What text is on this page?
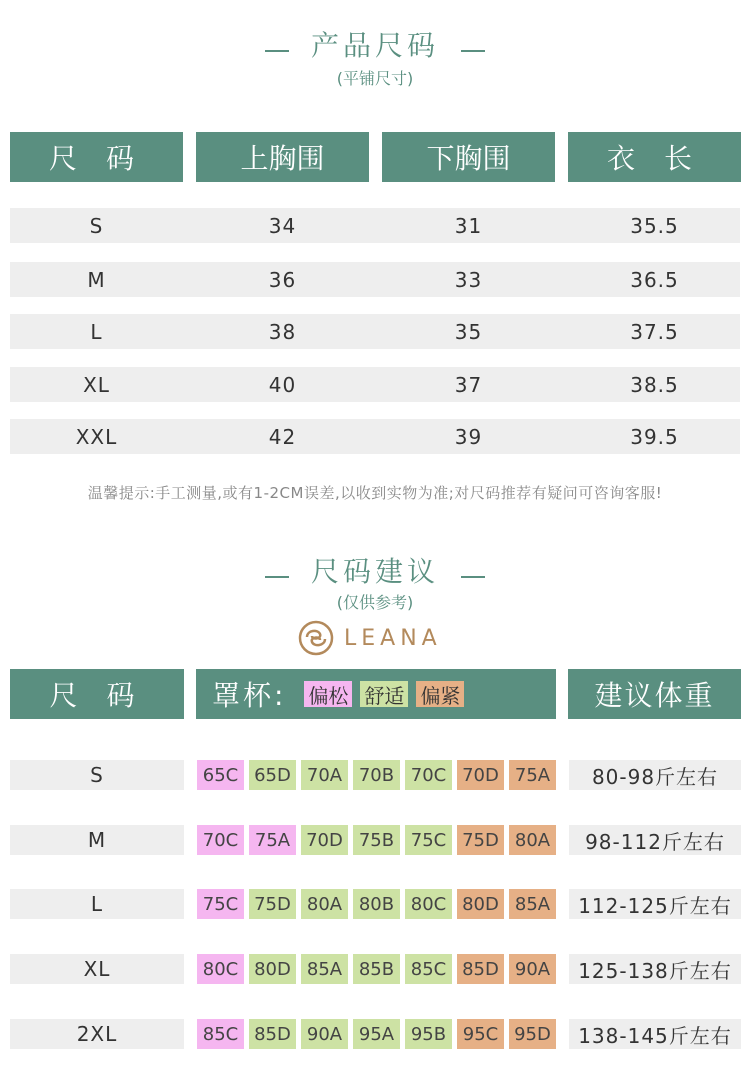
产品尺码
(平铺尺寸)
尺 码	上胸围	下胸围	衣 长
S	34	31	35.5
M	36	33	36.5
L	38	35	37.5
XL	40	37	38.5
XXL	42	39	39.5
温馨提示:手工测量,或有1-2CM误差,以收到实物为准;对尺码推荐有疑问可咨询客服!
尺码建议
(仅供参考)
LEANA
尺 码	罩杯: 偏松 舒适 偏紧	建议体重
S	65C 65D 70A 70B 70C 70D 75A	80-98斤左右
M	70C 75A 70D 75B 75C 75D 80A	98-112斤左右
L	75C 75D 80A 80B 80C 80D 85A	112-125斤左右
XL	80C 80D 85A 85B 85C 85D 90A	125-138斤左右
2XL	85C 85D 90A 95A 95B 95C 95D	138-145斤左右
